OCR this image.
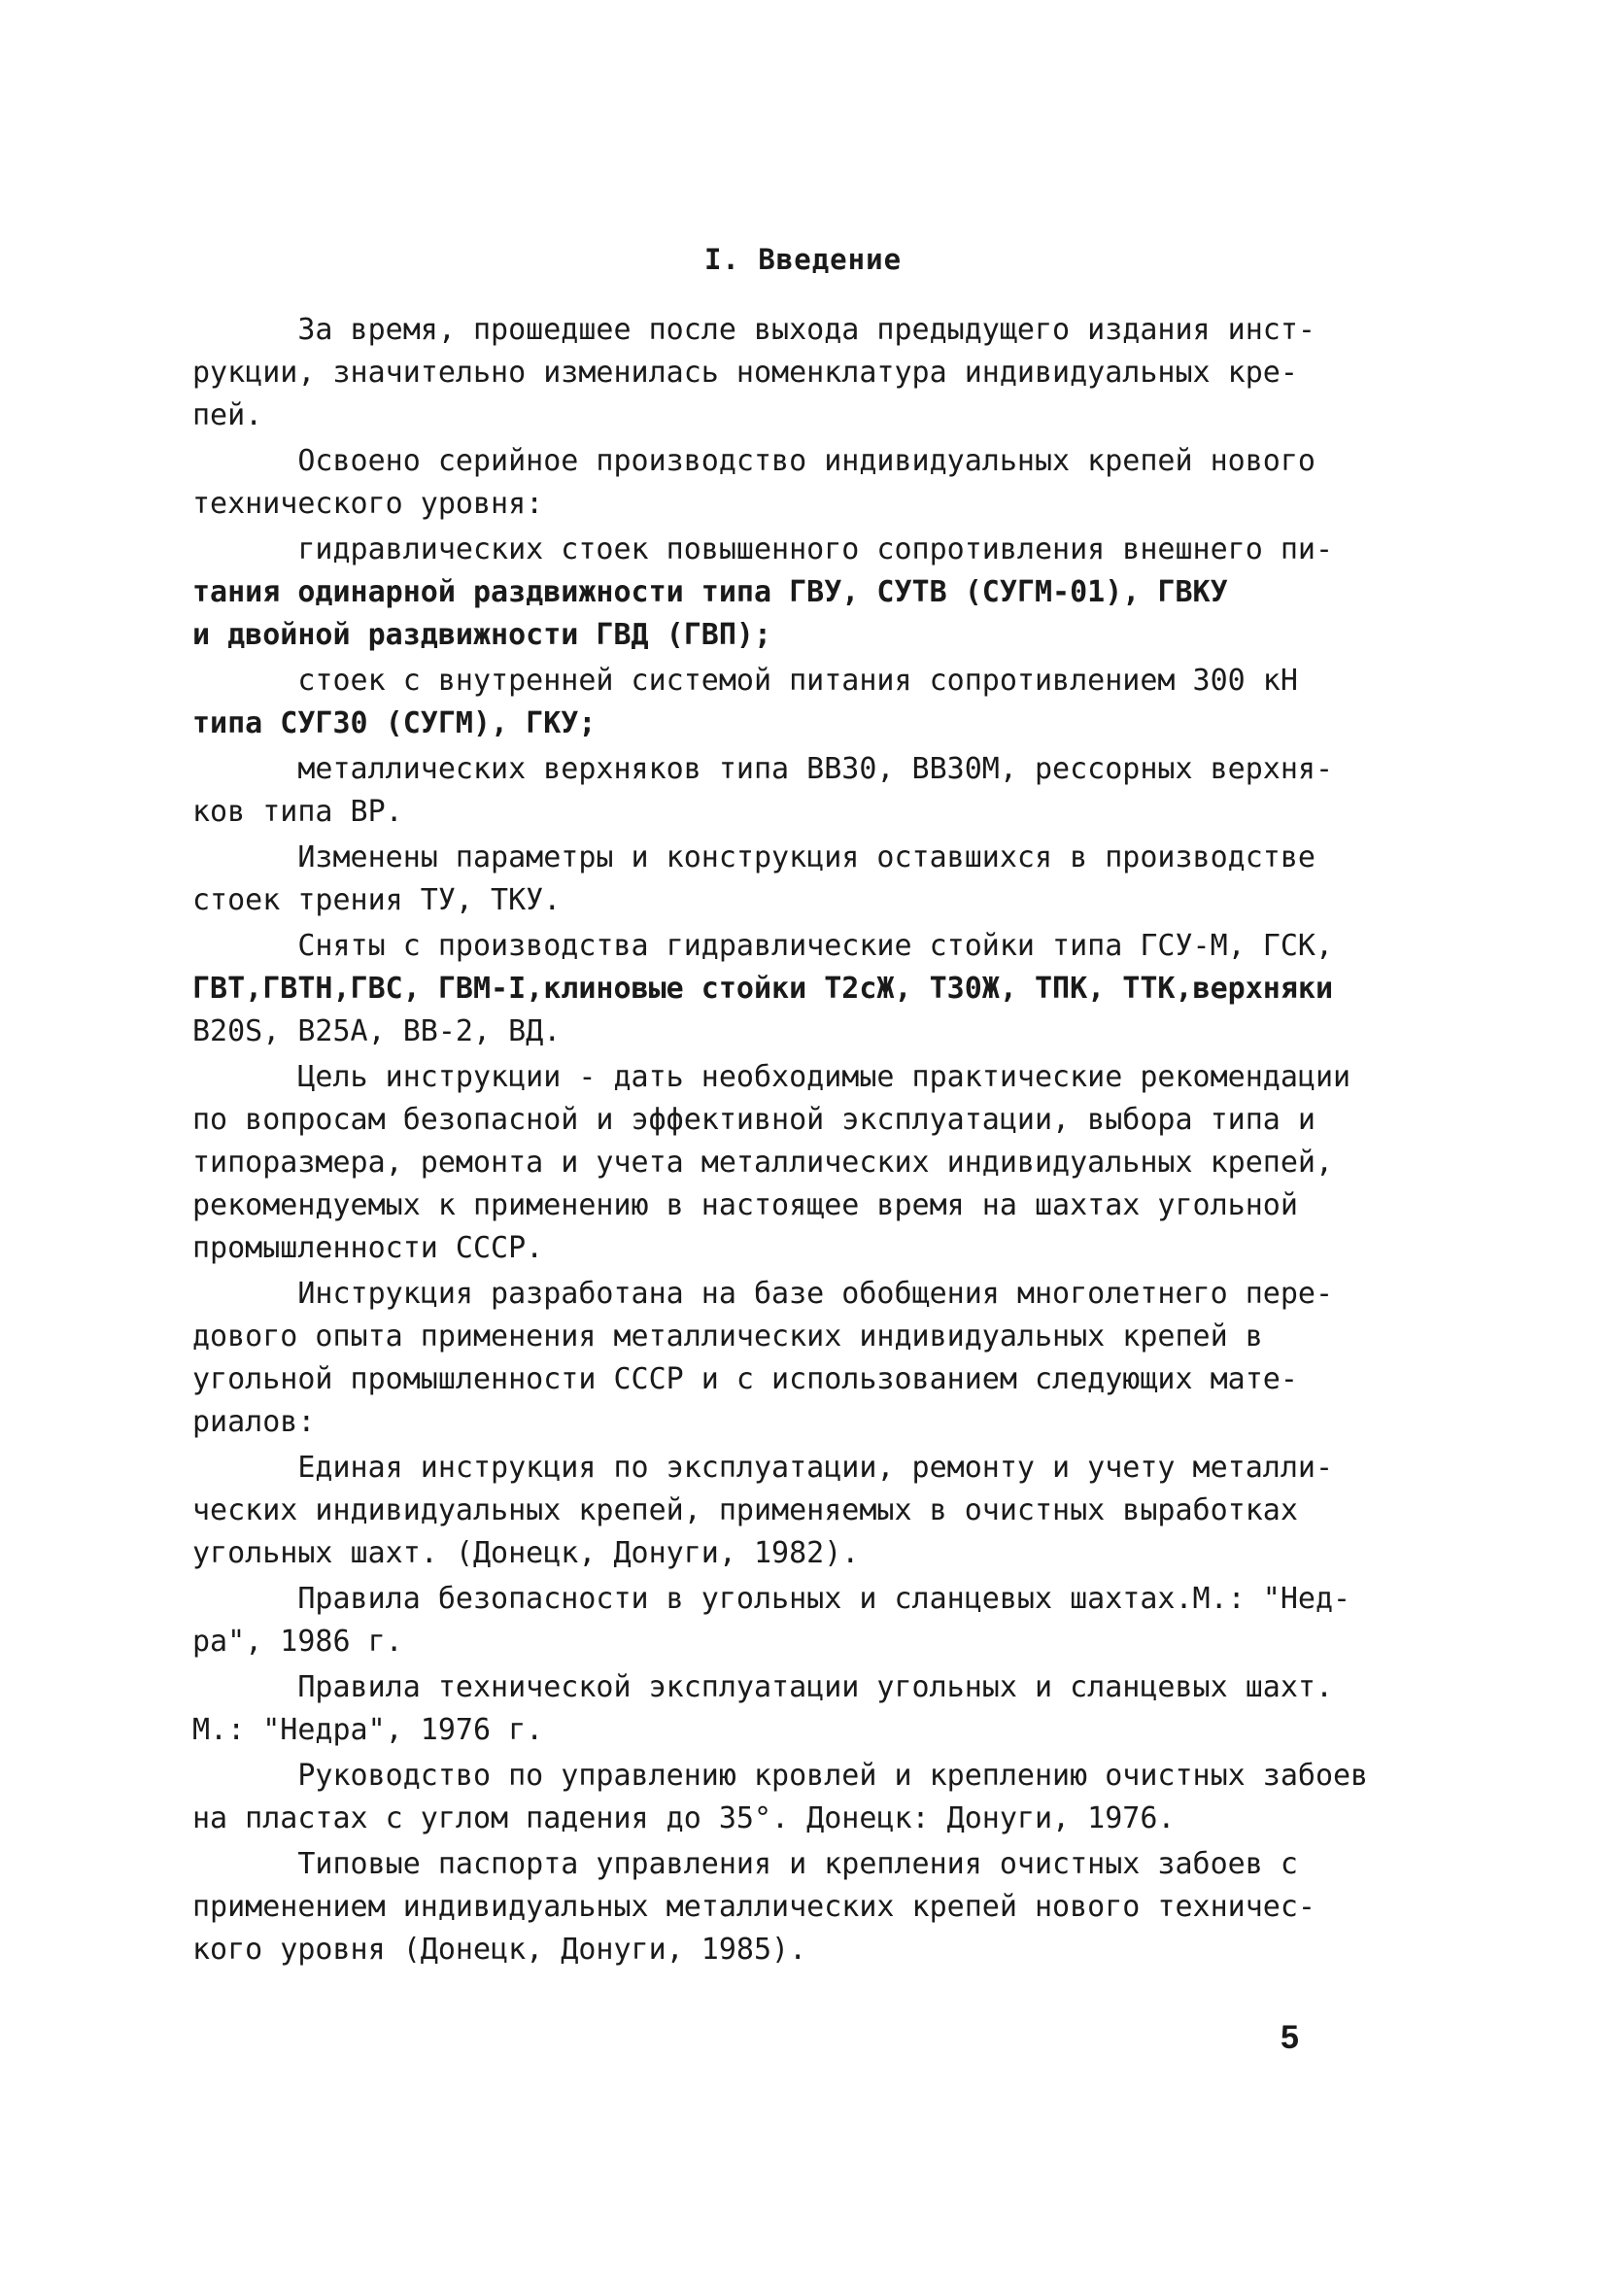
I. Введение
За время, прошедшее после выхода предыдущего издания инст-
рукции, значительно изменилась номенклатура индивидуальных кре-
пей.
Освоено серийное производство индивидуальных крепей нового
технического уровня:
гидравлических стоек повышенного сопротивления внешнего пи-
тания одинарной раздвижности типа ГВУ, СУТВ (СУГМ-01), ГВКУ
и двойной раздвижности ГВД (ГВП);
стоек с внутренней системой питания сопротивлением 300 кН
типа СУГ30 (СУГМ), ГКУ;
металлических верхняков типа ВВ30, ВВ30М, рессорных верхня-
ков типа ВР.
Изменены параметры и конструкция оставшихся в производстве
стоек трения ТУ, ТКУ.
Сняты с производства гидравлические стойки типа ГСУ-М, ГСК,
ГВТ,ГВТН,ГВС, ГВМ-I,клиновые стойки Т2сЖ, Т30Ж, ТПК, ТТК,верхняки
В20S, В25А, ВВ-2, ВД.
Цель инструкции - дать необходимые практические рекомендации
по вопросам безопасной и эффективной эксплуатации, выбора типа и
типоразмера, ремонта и учета металлических индивидуальных крепей,
рекомендуемых к применению в настоящее время на шахтах угольной
промышленности СССР.
Инструкция разработана на базе обобщения многолетнего пере-
дового опыта применения металлических индивидуальных крепей в
угольной промышленности СССР и с использованием следующих мате-
риалов:
Единая инструкция по эксплуатации, ремонту и учету металли-
ческих индивидуальных крепей, применяемых в очистных выработках
угольных шахт. (Донецк, Донуги, 1982).
Правила безопасности в угольных и сланцевых шахтах.М.: "Нед-
ра", 1986 г.
Правила технической эксплуатации угольных и сланцевых шахт.
М.: "Недра", 1976 г.
Руководство по управлению кровлей и креплению очистных забоев
на пластах с углом падения до 35°. Донецк: Донуги, 1976.
Типовые паспорта управления и крепления очистных забоев с
применением индивидуальных металлических крепей нового техничес-
кого уровня (Донецк, Донуги, 1985).
5
